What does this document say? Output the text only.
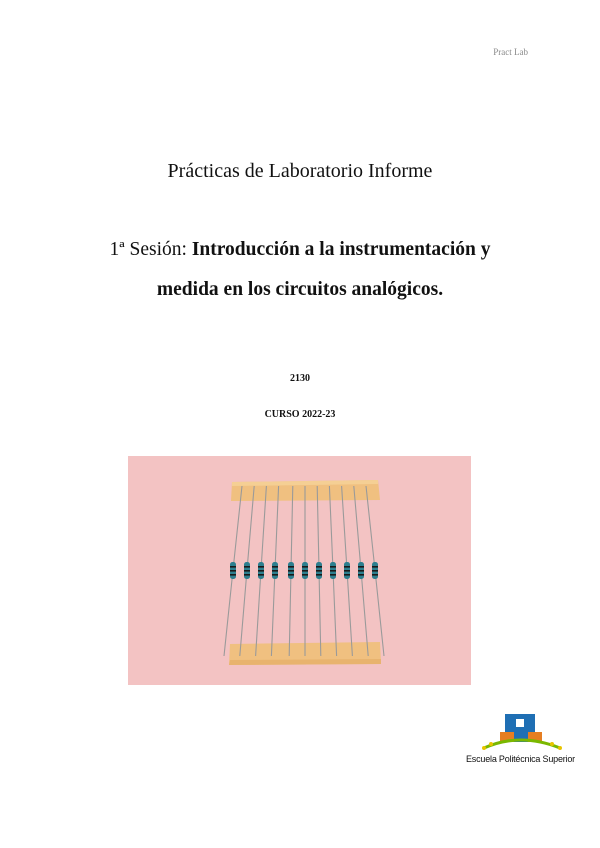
Pract Lab
Prácticas de Laboratorio Informe
1ª Sesión: Introducción a la instrumentación y
medida en los circuitos analógicos.
2130
CURSO 2022-23
Escuela Politécnica Superior
